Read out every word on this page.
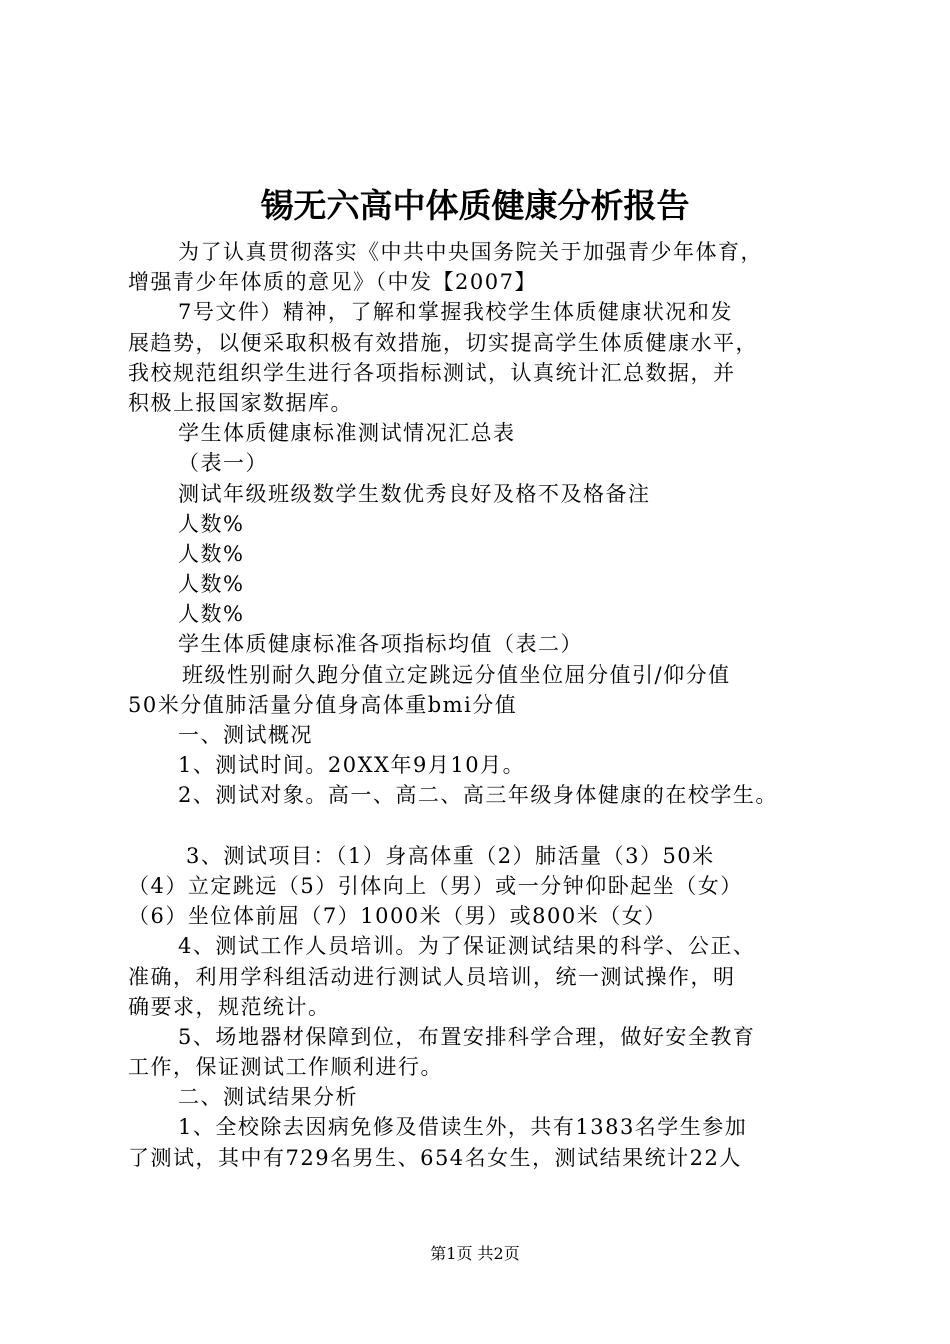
锡无六高中体质健康分析报告
为了认真贯彻落实《中共中央国务院关于加强青少年体育，
增强青少年体质的意见》（中发【2007】
7号文件）精神，了解和掌握我校学生体质健康状况和发
展趋势，以便采取积极有效措施，切实提高学生体质健康水平，
我校规范组织学生进行各项指标测试，认真统计汇总数据，并
积极上报国家数据库。
学生体质健康标准测试情况汇总表
（表一）
测试年级班级数学生数优秀良好及格不及格备注
人数%
人数%
人数%
人数%
学生体质健康标准各项指标均值（表二）
班级性别耐久跑分值立定跳远分值坐位屈分值引/仰分值
50米分值肺活量分值身高体重bmi分值
一、测试概况
1、测试时间。20XX年9月10月。
2、测试对象。高一、高二、高三年级身体健康的在校学生。
3、测试项目：（1）身高体重（2）肺活量（3）50米
（4）立定跳远（5）引体向上（男）或一分钟仰卧起坐（女）
（6）坐位体前屈（7）1000米（男）或800米（女）
4、测试工作人员培训。为了保证测试结果的科学、公正、
准确，利用学科组活动进行测试人员培训，统一测试操作，明
确要求，规范统计。
5、场地器材保障到位，布置安排科学合理，做好安全教育
工作，保证测试工作顺利进行。
二、测试结果分析
1、全校除去因病免修及借读生外，共有1383名学生参加
了测试，其中有729名男生、654名女生，测试结果统计22人
第1页 共2页
